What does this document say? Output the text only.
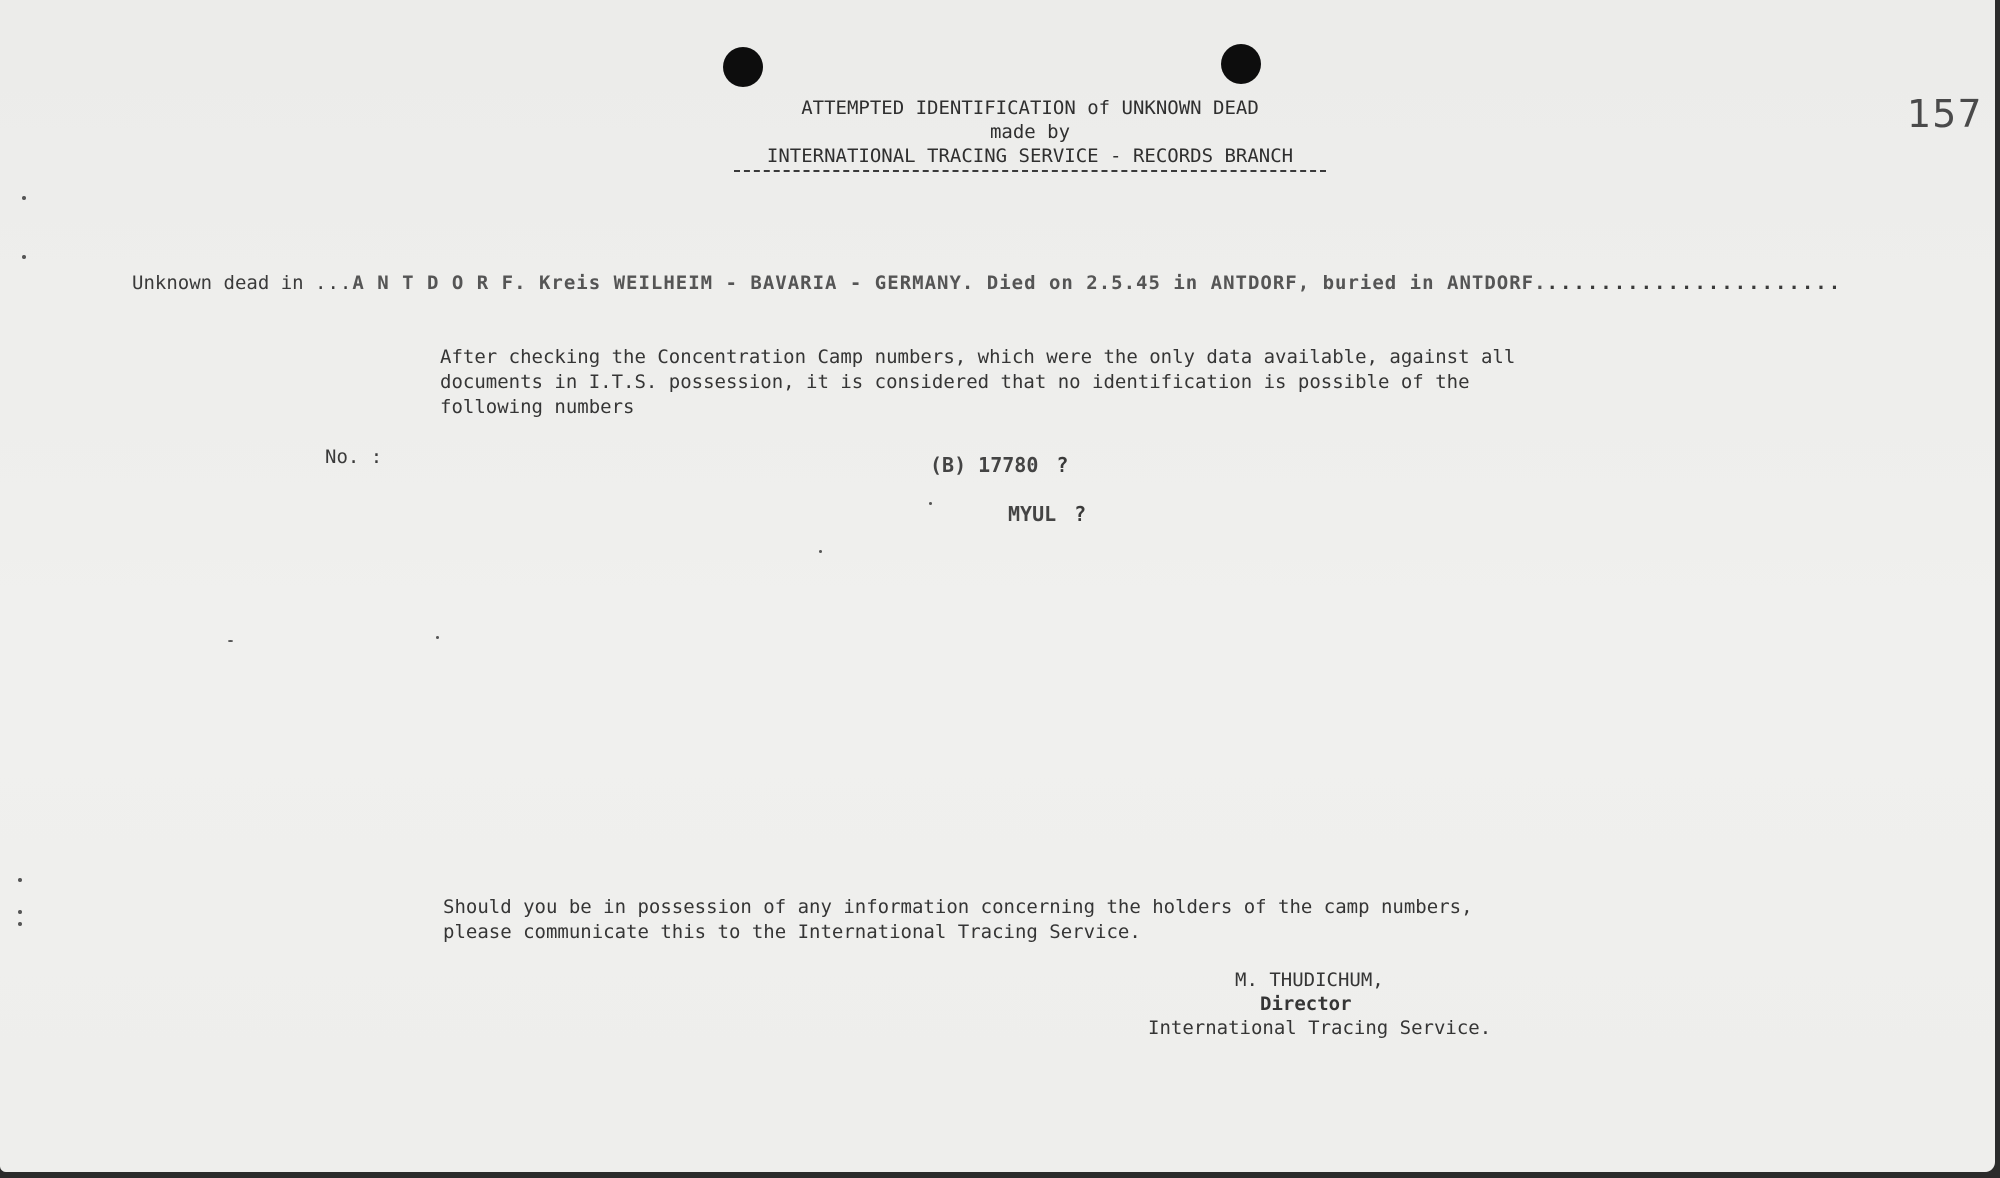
157
ATTEMPTED IDENTIFICATION of UNKNOWN DEAD
made by
INTERNATIONAL TRACING SERVICE - RECORDS BRANCH
Unknown dead in ...A N T D O R F. Kreis WEILHEIM - BAVARIA - GERMANY. Died on 2.5.45 in ANTDORF, buried in ANTDORF.......................
After checking the Concentration Camp numbers, which were the only data available, against all
documents in I.T.S. possession, it is considered that no identification is possible of the
following numbers
No. :	(B) 17780 ?
MYUL ?
Should you be in possession of any information concerning the holders of the camp numbers,
please communicate this to the International Tracing Service.
M. THUDICHUM,
Director
International Tracing Service.
